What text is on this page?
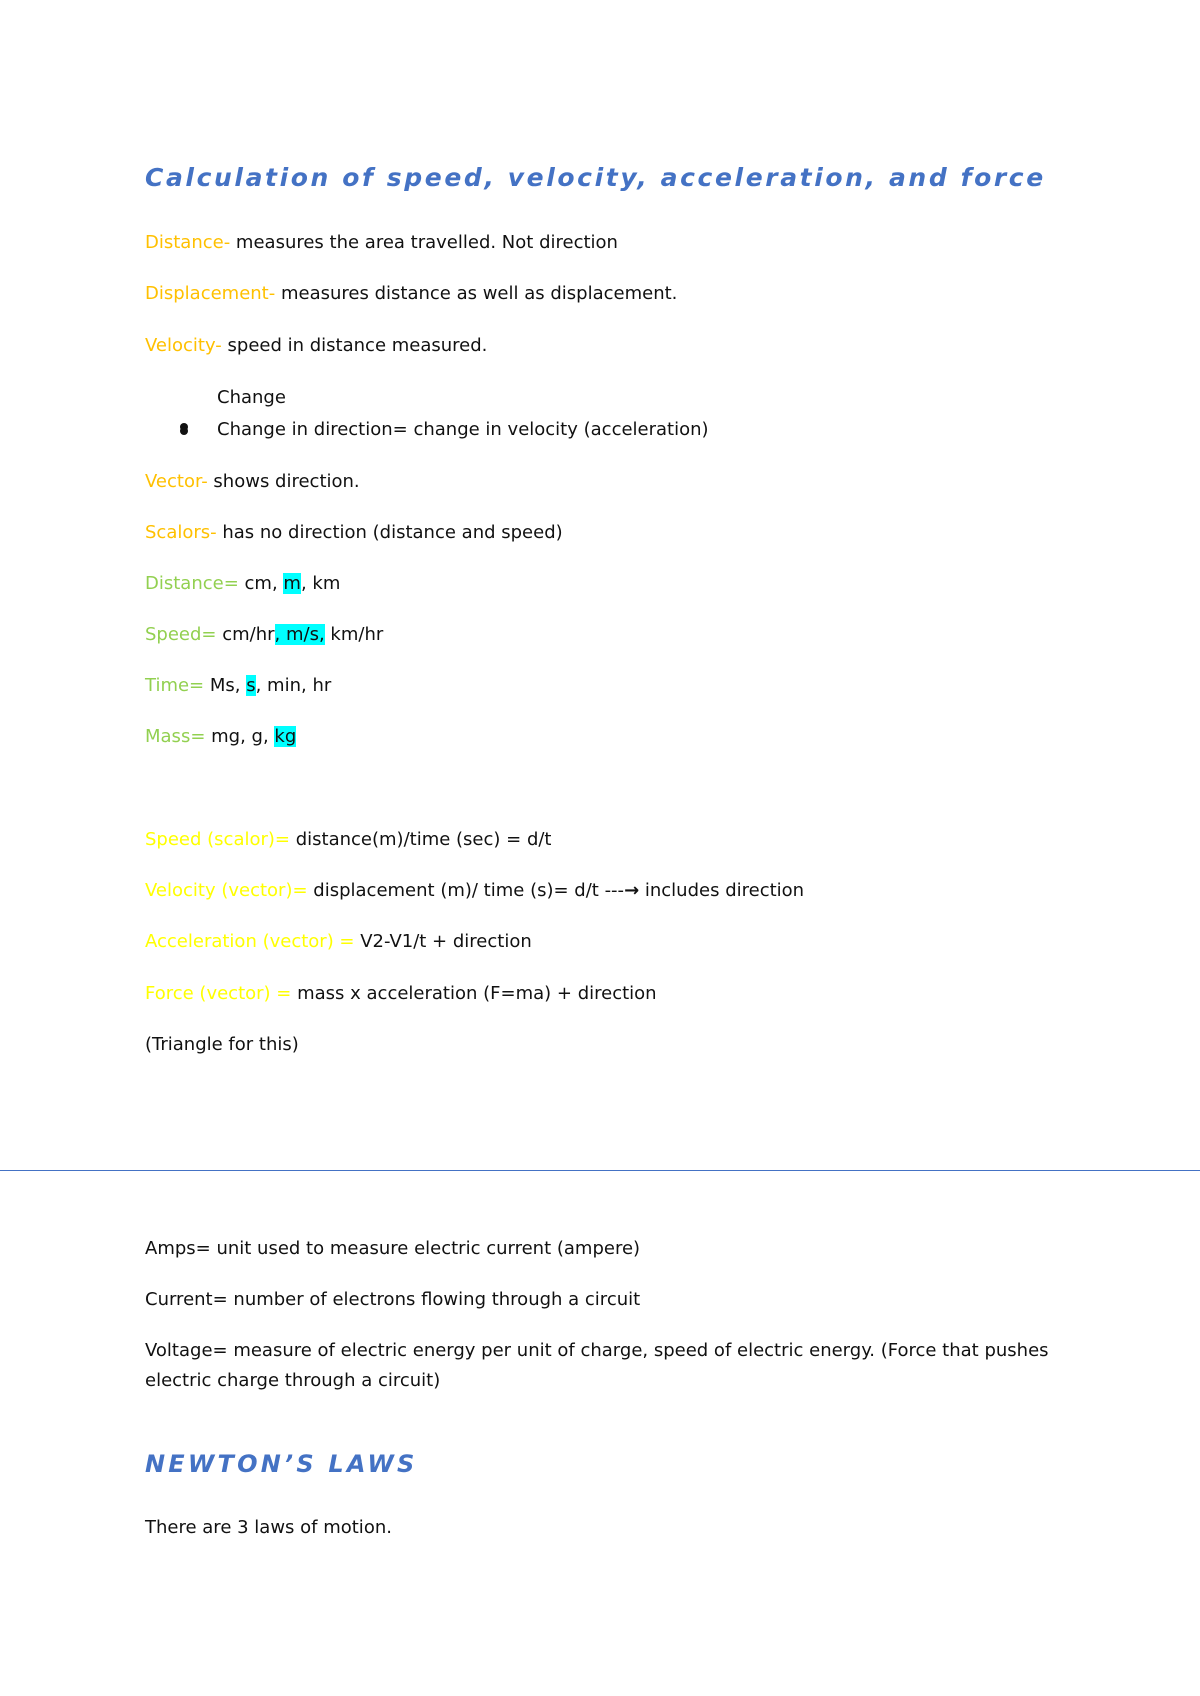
Calculation of speed, velocity, acceleration, and force
Distance- measures the area travelled. Not direction
Displacement- measures distance as well as displacement.
Velocity- speed in distance measured.
Change
Change in direction= change in velocity (acceleration)
Vector- shows direction.
Scalors- has no direction (distance and speed)
Distance= cm, m, km
Speed= cm/hr, m/s, km/hr
Time= Ms, s, min, hr
Mass= mg, g, kg
Speed (scalor)= distance(m)/time (sec) = d/t
Velocity (vector)= displacement (m)/ time (s)= d/t ---→ includes direction
Acceleration (vector) = V2-V1/t + direction
Force (vector) = mass x acceleration (F=ma) + direction
(Triangle for this)
Amps= unit used to measure electric current (ampere)
Current= number of electrons flowing through a circuit
Voltage= measure of electric energy per unit of charge, speed of electric energy. (Force that pushes
electric charge through a circuit)
NEWTON’S LAWS
There are 3 laws of motion.
